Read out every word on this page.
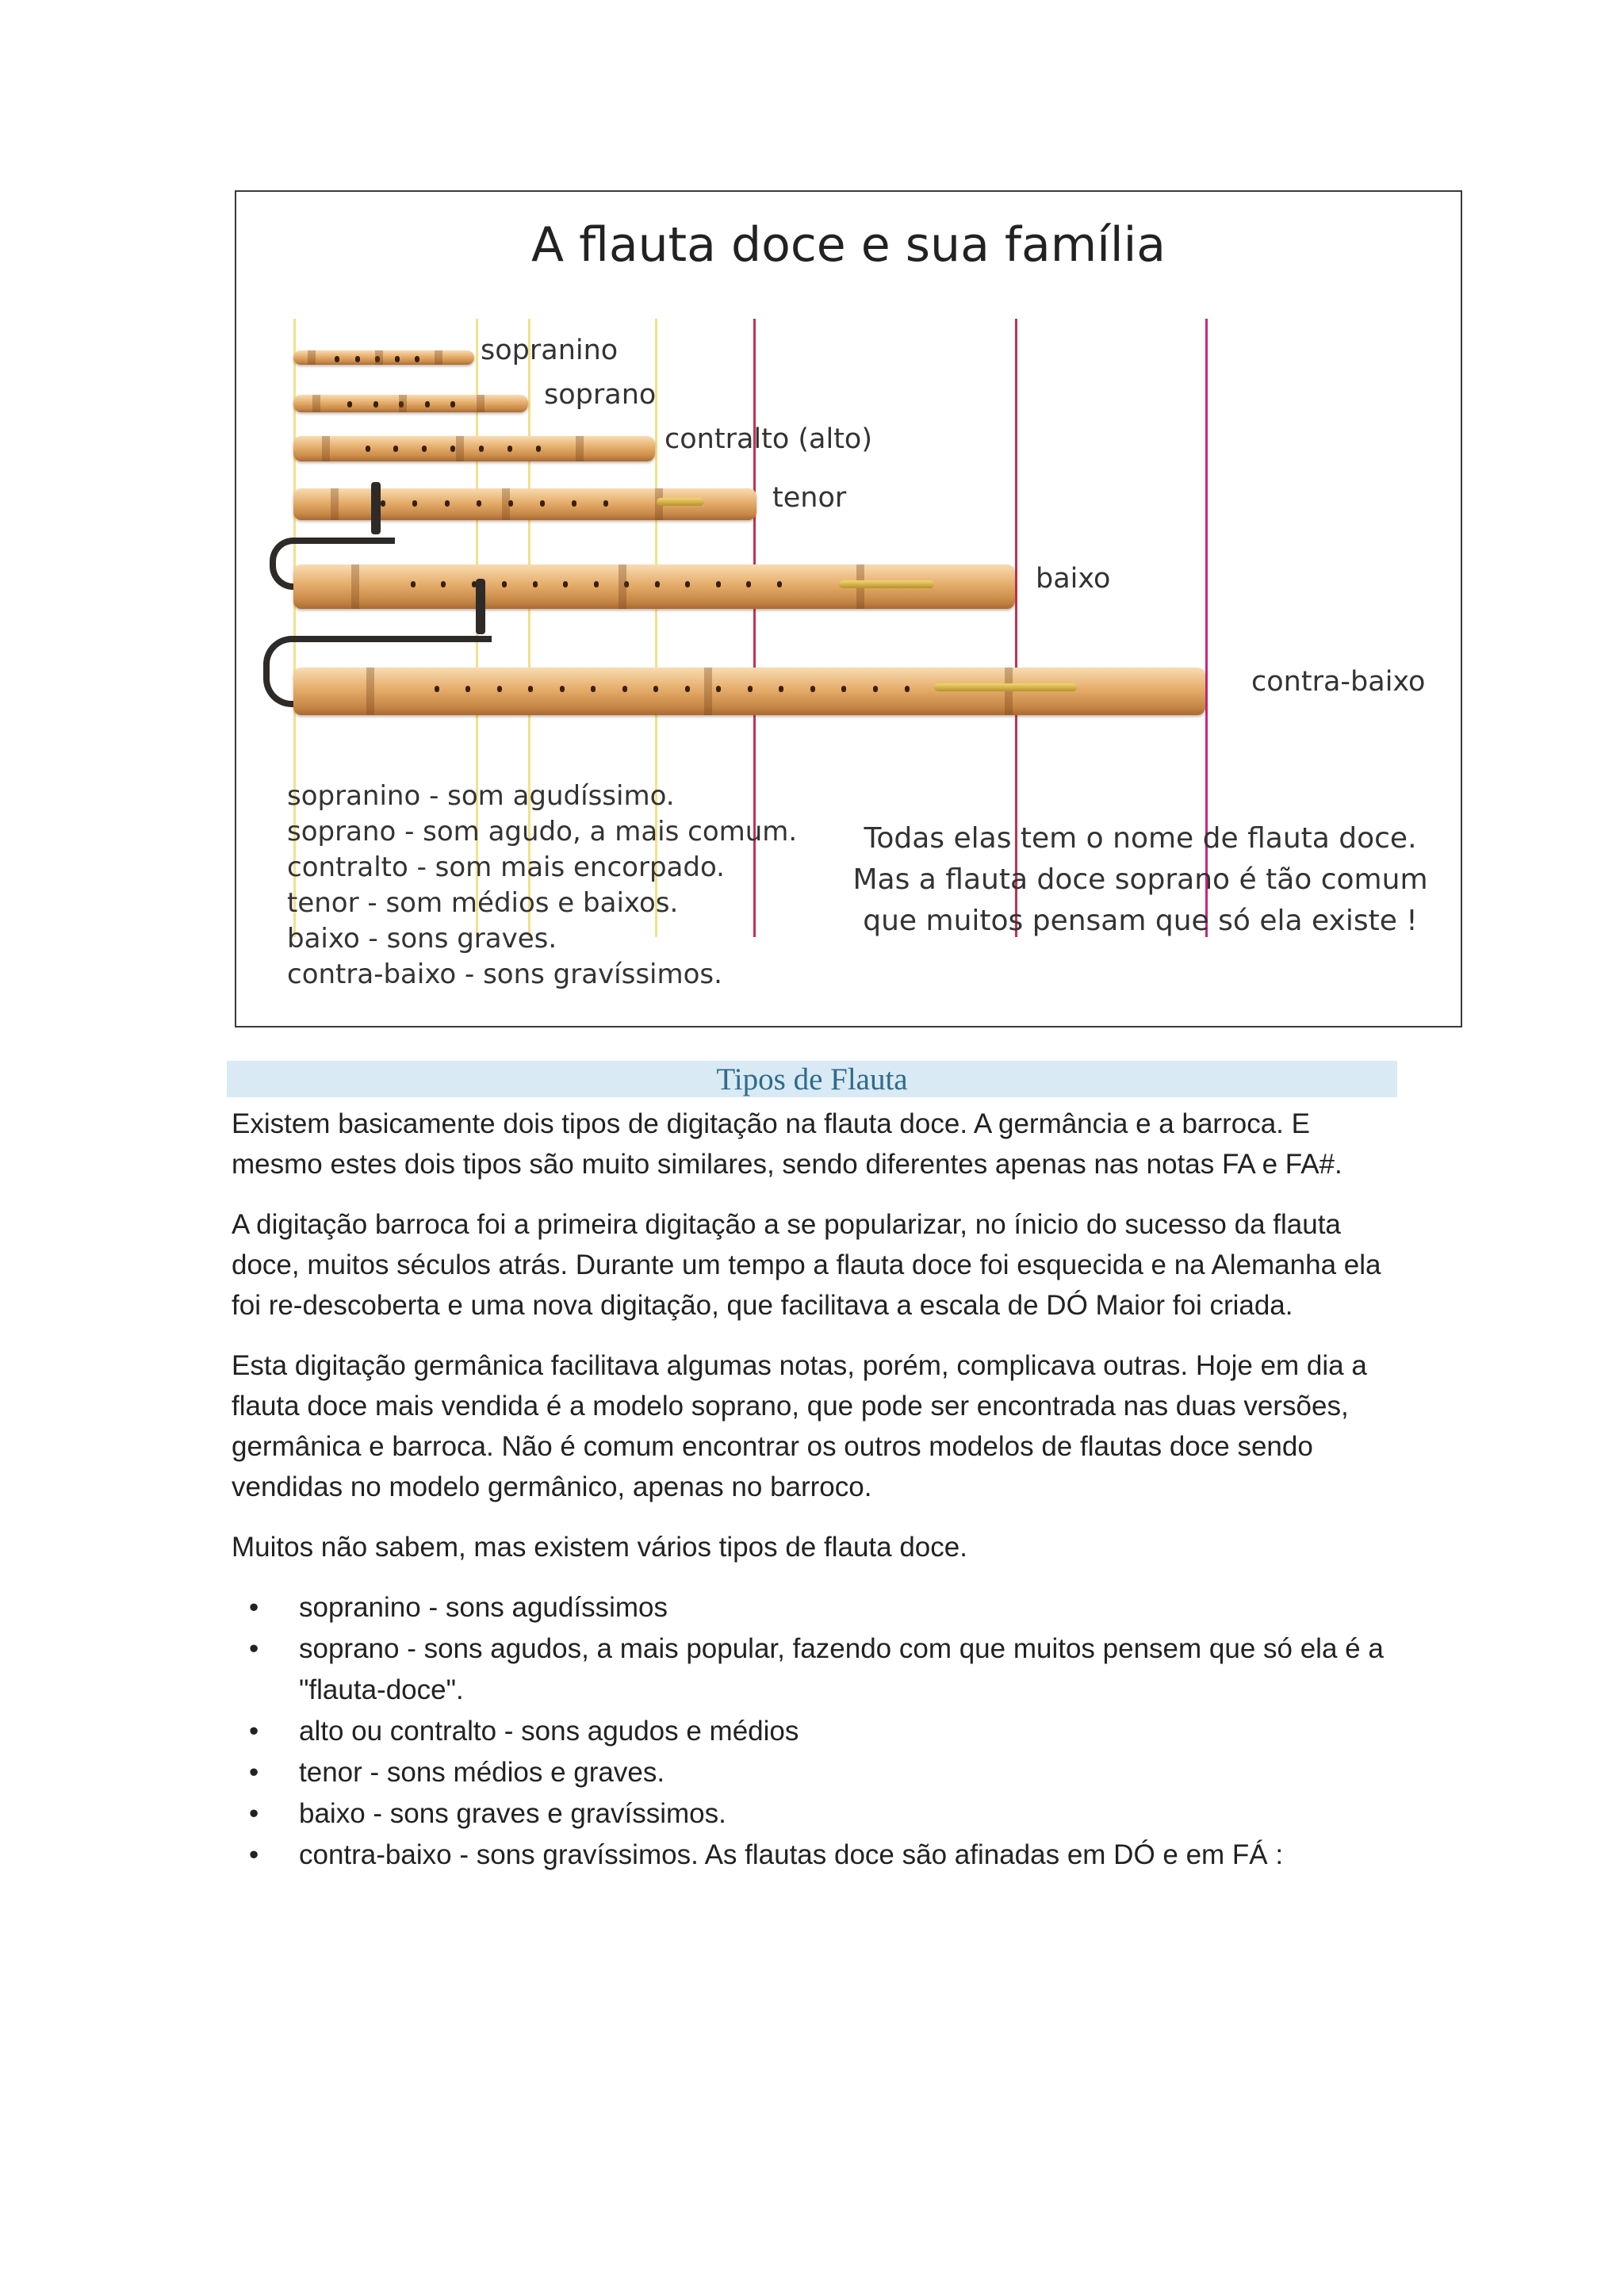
A flauta doce e sua família
sopranino
soprano
contralto (alto)
tenor
baixo
contra-baixo
sopranino - som agudíssimo.
soprano - som agudo, a mais comum.
contralto - som mais encorpado.
tenor - som médios e baixos.
baixo - sons graves.
contra-baixo - sons gravíssimos.
Todas elas tem o nome de flauta doce.
Mas a flauta doce soprano é tão comum
que muitos pensam que só ela existe !
Tipos de Flauta

Existem basicamente dois tipos de digitação na flauta doce. A germância e a barroca. E mesmo estes dois tipos são muito similares, sendo diferentes apenas nas notas FA e FA#.

A digitação barroca foi a primeira digitação a se popularizar, no ínicio do sucesso da flauta doce, muitos séculos atrás. Durante um tempo a flauta doce foi esquecida e na Alemanha ela foi re-descoberta e uma nova digitação, que facilitava a escala de DÓ Maior foi criada.

Esta digitação germânica facilitava algumas notas, porém, complicava outras. Hoje em dia a flauta doce mais vendida é a modelo soprano, que pode ser encontrada nas duas versões, germânica e barroca. Não é comum encontrar os outros modelos de flautas doce sendo vendidas no modelo germânico, apenas no barroco.

Muitos não sabem, mas existem vários tipos de flauta doce.

• sopranino - sons agudíssimos
• soprano - sons agudos, a mais popular, fazendo com que muitos pensem que só ela é a "flauta-doce".
• alto ou contralto - sons agudos e médios
• tenor - sons médios e graves.
• baixo - sons graves e gravíssimos.
• contra-baixo - sons gravíssimos. As flautas doce são afinadas em DÓ e em FÁ :
